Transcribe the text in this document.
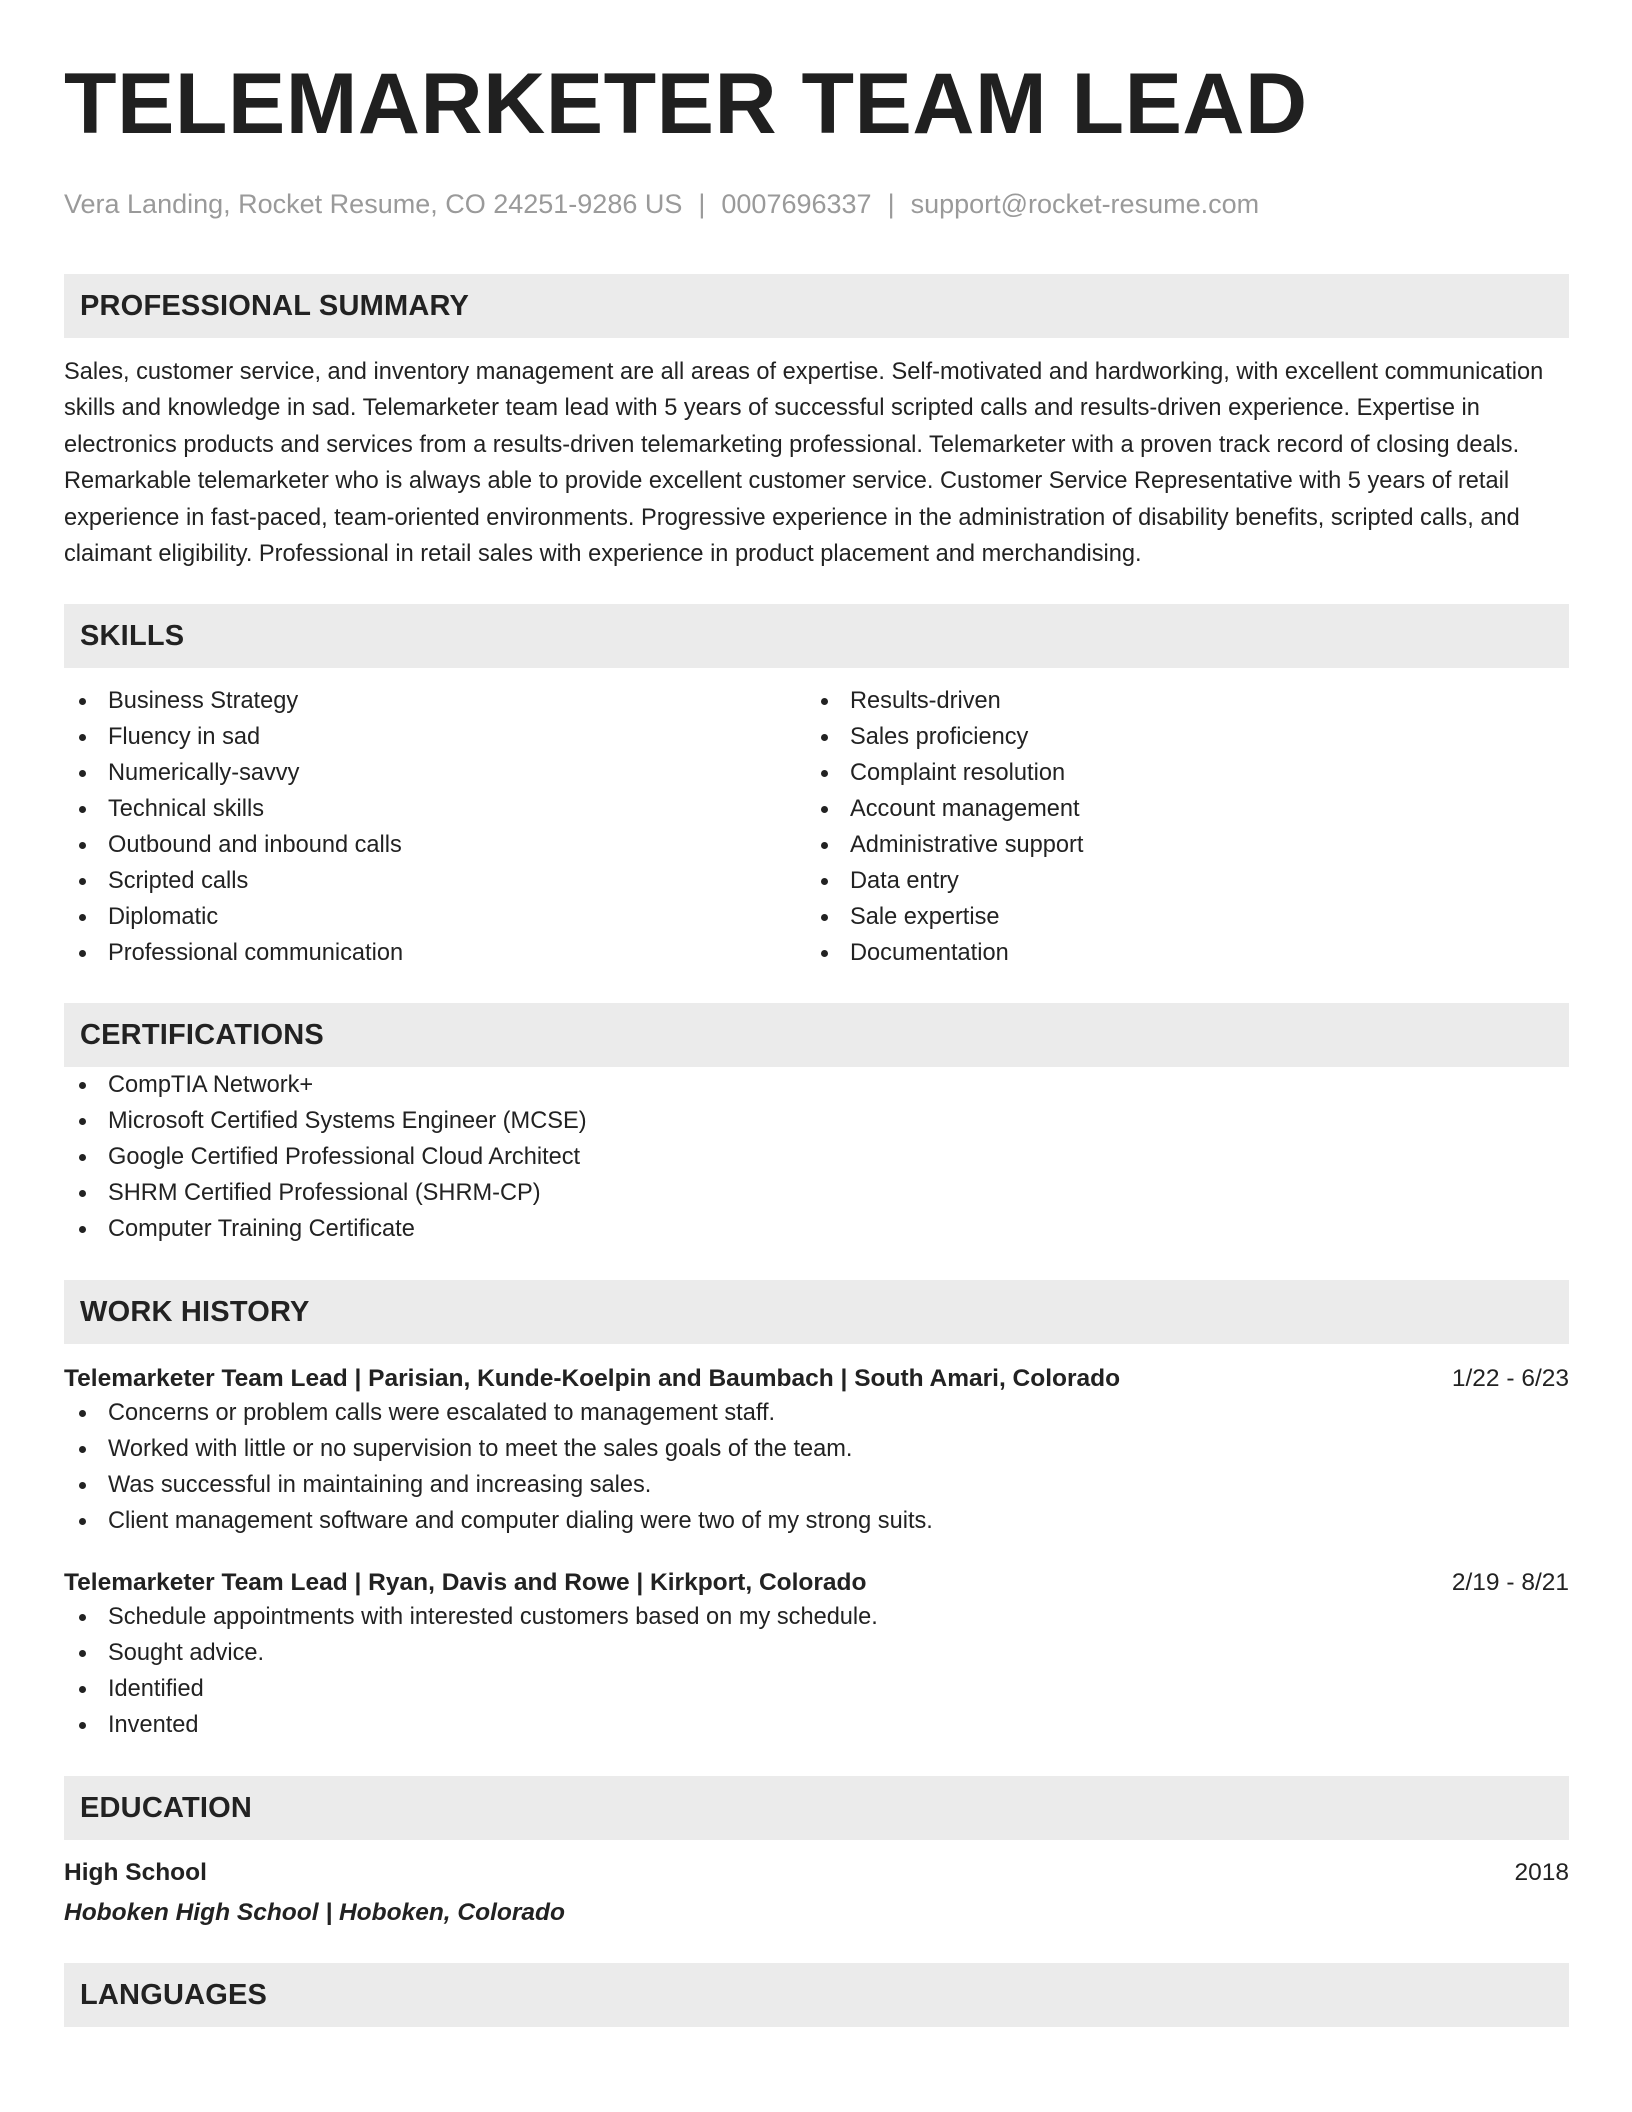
TELEMARKETER TEAM LEAD
Vera Landing, Rocket Resume, CO 24251-9286 US | 0007696337 | support@rocket-resume.com
PROFESSIONAL SUMMARY

Sales, customer service, and inventory management are all areas of expertise. Self-motivated and hardworking, with excellent communication skills and knowledge in sad. Telemarketer team lead with 5 years of successful scripted calls and results-driven experience. Expertise in electronics products and services from a results-driven telemarketing professional. Telemarketer with a proven track record of closing deals. Remarkable telemarketer who is always able to provide excellent customer service. Customer Service Representative with 5 years of retail experience in fast-paced, team-oriented environments. Progressive experience in the administration of disability benefits, scripted calls, and claimant eligibility. Professional in retail sales with experience in product placement and merchandising.

SKILLS
Business Strategy
Fluency in sad
Numerically-savvy
Technical skills
Outbound and inbound calls
Scripted calls
Diplomatic
Professional communication
Results-driven
Sales proficiency
Complaint resolution
Account management
Administrative support
Data entry
Sale expertise
Documentation
CERTIFICATIONS
CompTIA Network+
Microsoft Certified Systems Engineer (MCSE)
Google Certified Professional Cloud Architect
SHRM Certified Professional (SHRM-CP)
Computer Training Certificate
WORK HISTORY
Telemarketer Team Lead | Parisian, Kunde-Koelpin and Baumbach | South Amari, Colorado	1/22 - 6/23
Concerns or problem calls were escalated to management staff.
Worked with little or no supervision to meet the sales goals of the team.
Was successful in maintaining and increasing sales.
Client management software and computer dialing were two of my strong suits.
Telemarketer Team Lead | Ryan, Davis and Rowe | Kirkport, Colorado	2/19 - 8/21
Schedule appointments with interested customers based on my schedule.
Sought advice.
Identified
Invented
EDUCATION
High School	2018
Hoboken High School | Hoboken, Colorado
LANGUAGES
